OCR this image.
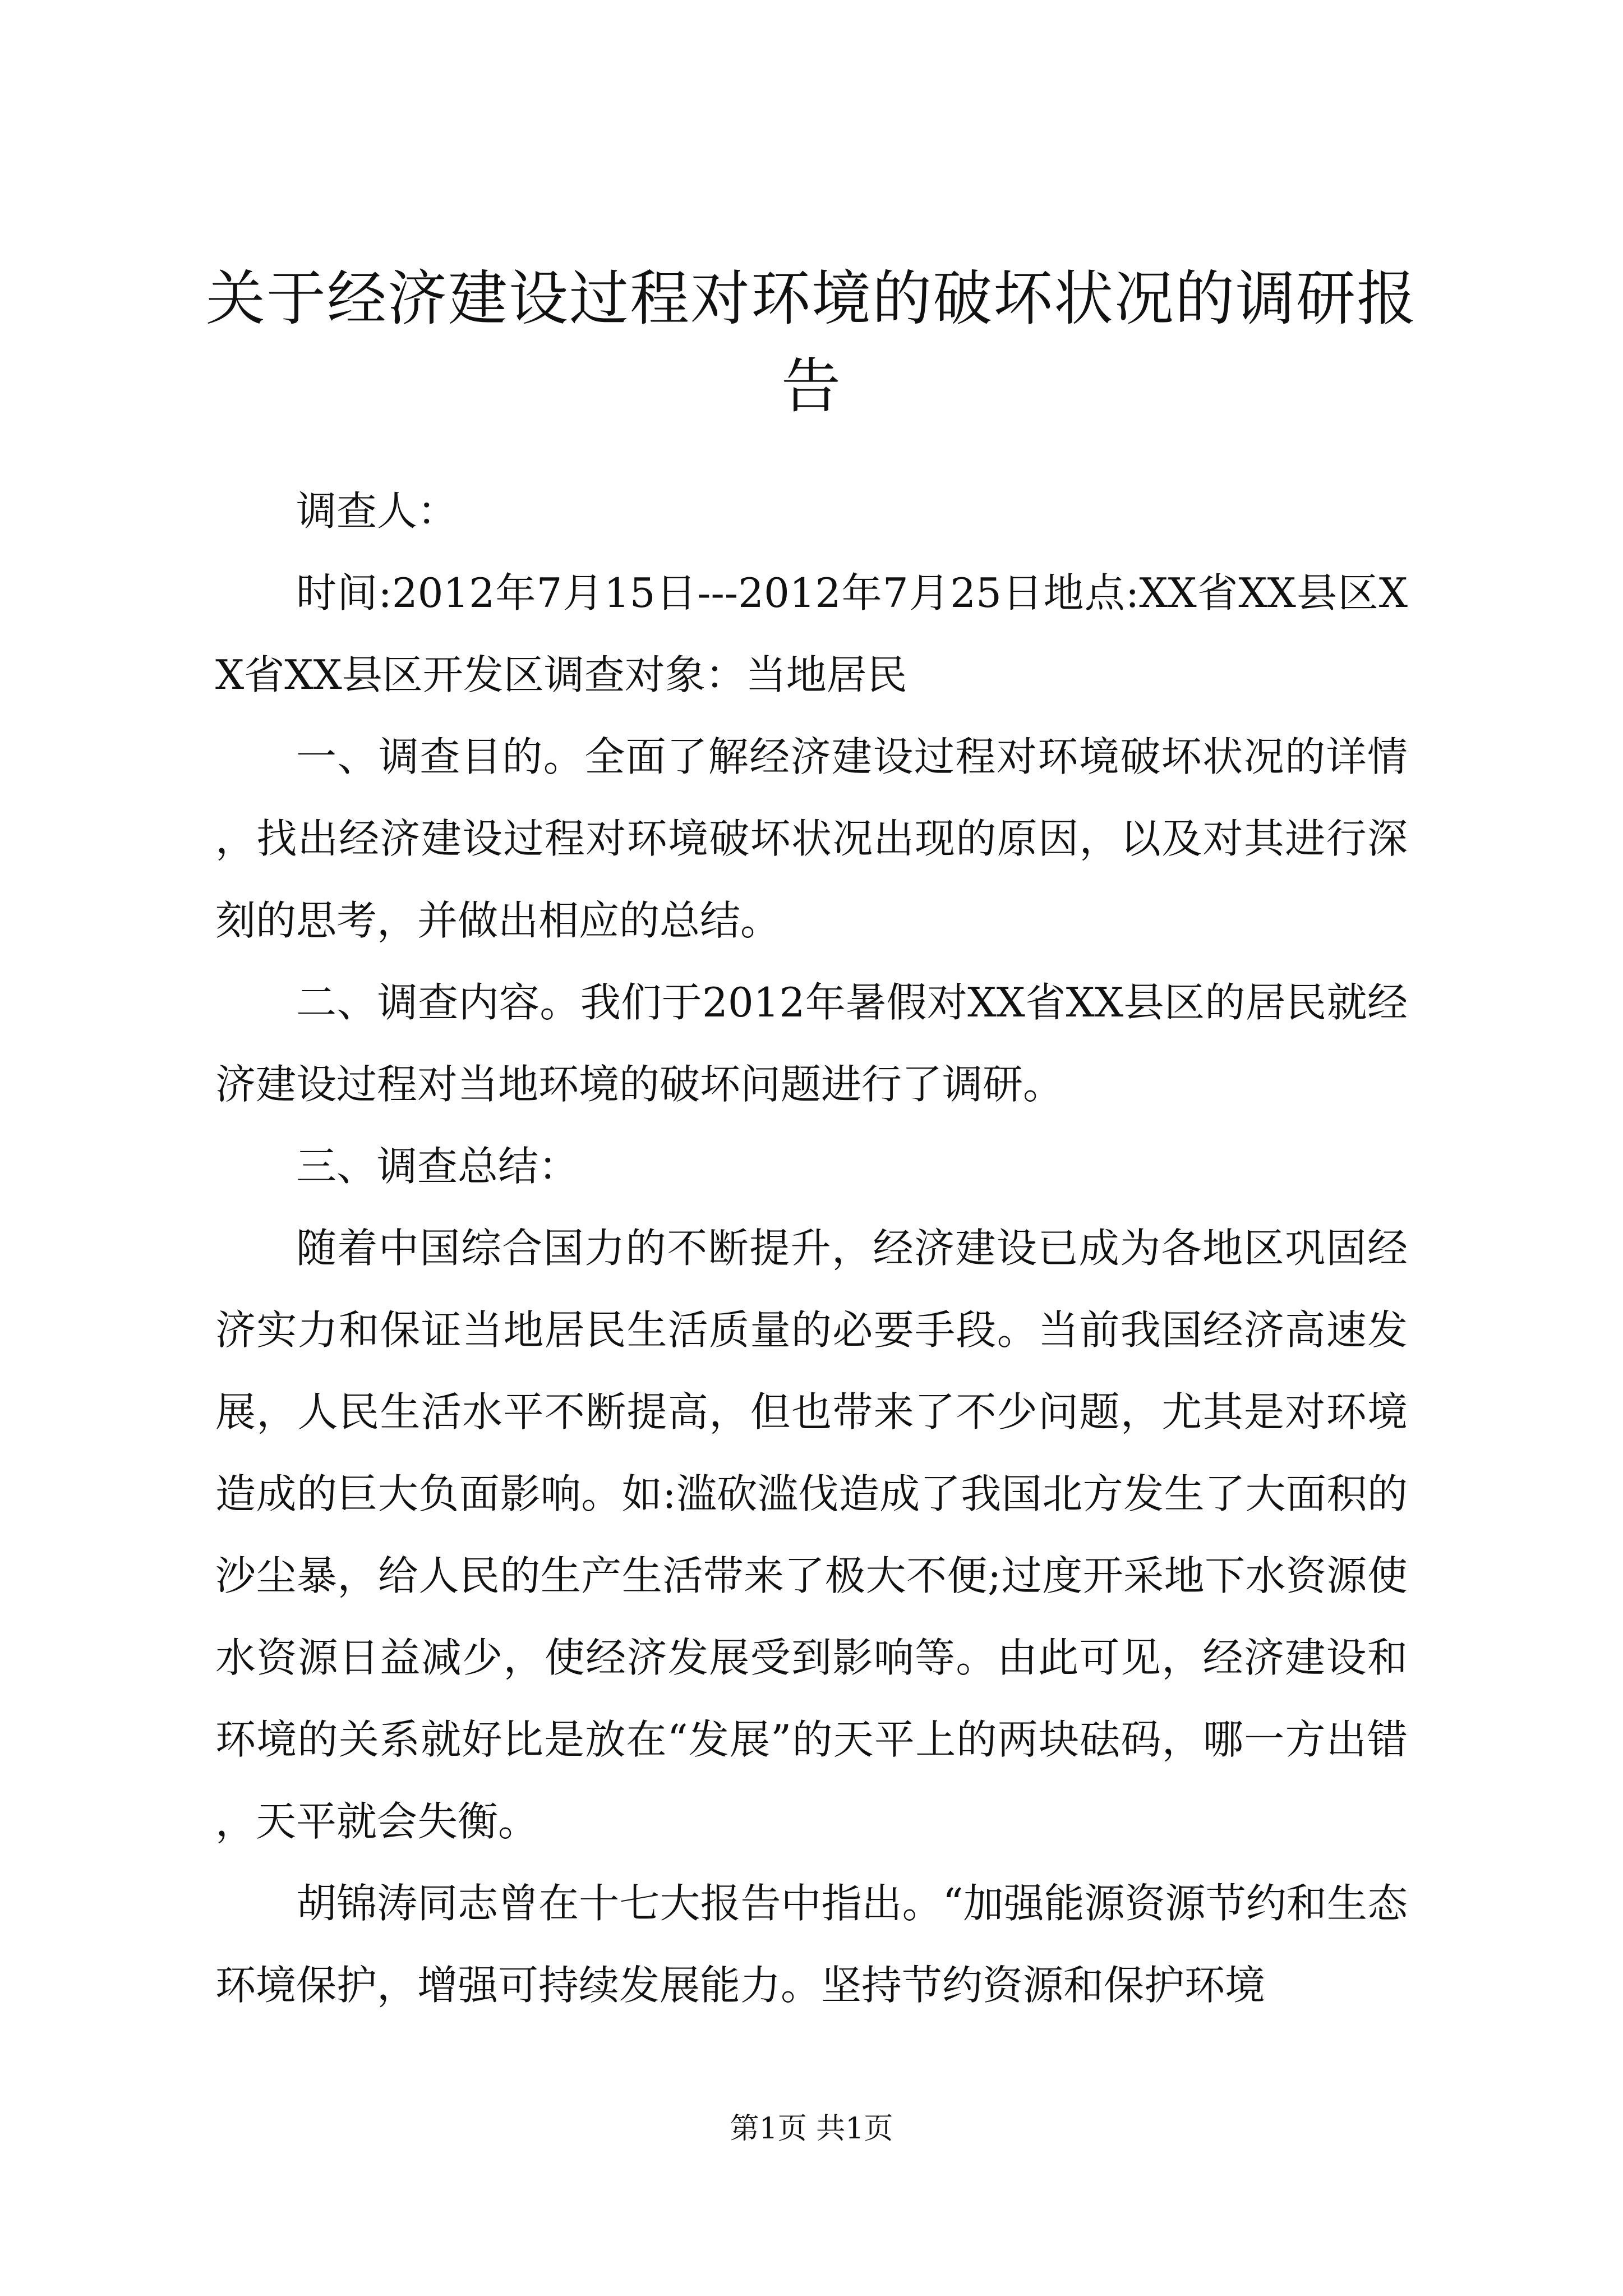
关于经济建设过程对环境的破坏状况的调研报告

调查人：

时间:2012年7月15日---2012年7月25日地点:XX省XX县区XX省XX县区开发区调查对象：当地居民

一、调查目的。全面了解经济建设过程对环境破坏状况的详情，找出经济建设过程对环境破坏状况出现的原因，以及对其进行深刻的思考，并做出相应的总结。

二、调查内容。我们于2012年暑假对XX省XX县区的居民就经济建设过程对当地环境的破坏问题进行了调研。

三、调查总结：

随着中国综合国力的不断提升，经济建设已成为各地区巩固经济实力和保证当地居民生活质量的必要手段。当前我国经济高速发展，人民生活水平不断提高，但也带来了不少问题，尤其是对环境造成的巨大负面影响。如:滥砍滥伐造成了我国北方发生了大面积的沙尘暴，给人民的生产生活带来了极大不便;过度开采地下水资源使水资源日益减少，使经济发展受到影响等。由此可见，经济建设和环境的关系就好比是放在“发展”的天平上的两块砝码，哪一方出错，天平就会失衡。

胡锦涛同志曾在十七大报告中指出。“加强能源资源节约和生态环境保护，增强可持续发展能力。坚持节约资源和保护环境

第1页 共1页
